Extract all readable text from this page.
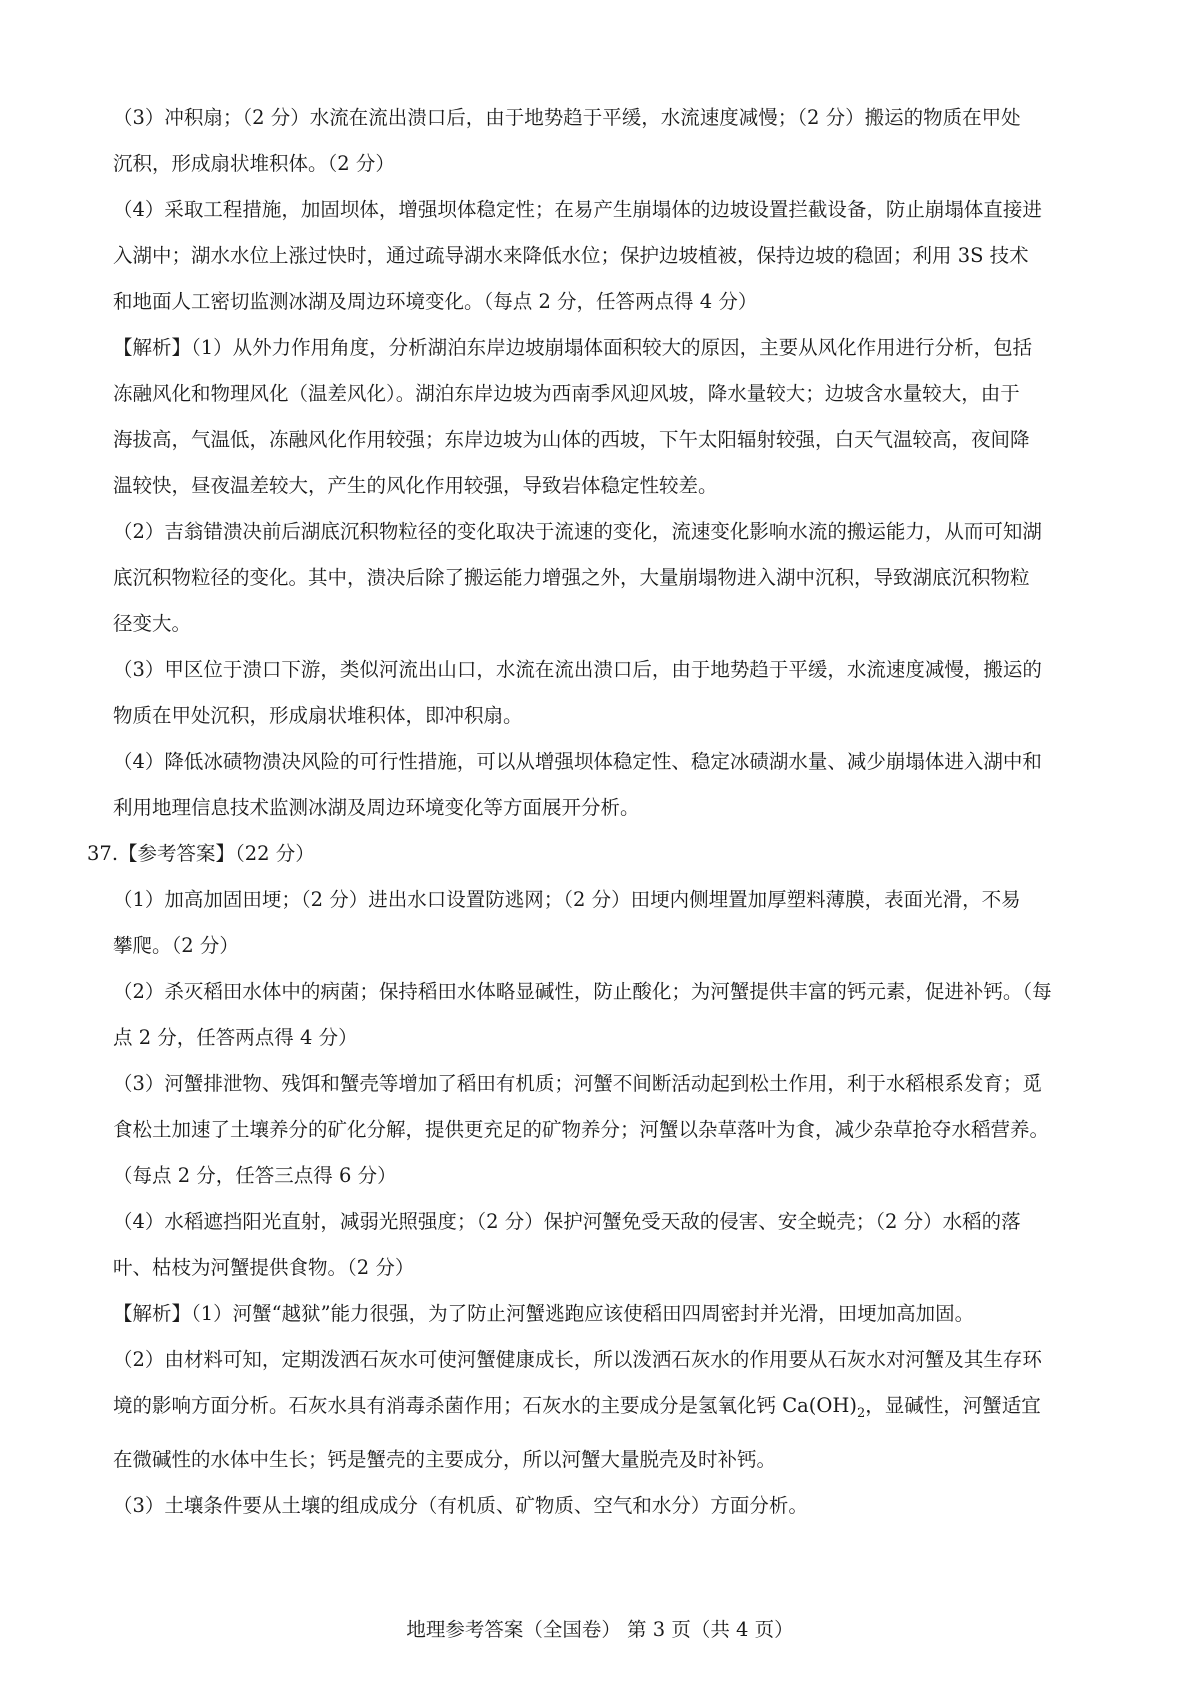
（3）冲积扇；（2 分）水流在流出溃口后，由于地势趋于平缓，水流速度减慢；（2 分）搬运的物质在甲处

沉积，形成扇状堆积体。（2 分）

（4）采取工程措施，加固坝体，增强坝体稳定性；在易产生崩塌体的边坡设置拦截设备，防止崩塌体直接进

入湖中；湖水水位上涨过快时，通过疏导湖水来降低水位；保护边坡植被，保持边坡的稳固；利用 3S 技术

和地面人工密切监测冰湖及周边环境变化。（每点 2 分，任答两点得 4 分）

【解析】（1）从外力作用角度，分析湖泊东岸边坡崩塌体面积较大的原因，主要从风化作用进行分析，包括

冻融风化和物理风化（温差风化）。湖泊东岸边坡为西南季风迎风坡，降水量较大；边坡含水量较大，由于

海拔高，气温低，冻融风化作用较强；东岸边坡为山体的西坡，下午太阳辐射较强，白天气温较高，夜间降

温较快，昼夜温差较大，产生的风化作用较强，导致岩体稳定性较差。

（2）吉翁错溃决前后湖底沉积物粒径的变化取决于流速的变化，流速变化影响水流的搬运能力，从而可知湖

底沉积物粒径的变化。其中，溃决后除了搬运能力增强之外，大量崩塌物进入湖中沉积，导致湖底沉积物粒

径变大。

（3）甲区位于溃口下游，类似河流出山口，水流在流出溃口后，由于地势趋于平缓，水流速度减慢，搬运的

物质在甲处沉积，形成扇状堆积体，即冲积扇。

（4）降低冰碛物溃决风险的可行性措施，可以从增强坝体稳定性、稳定冰碛湖水量、减少崩塌体进入湖中和

利用地理信息技术监测冰湖及周边环境变化等方面展开分析。

37.【参考答案】（22 分）

（1）加高加固田埂；（2 分）进出水口设置防逃网；（2 分）田埂内侧埋置加厚塑料薄膜，表面光滑，不易

攀爬。（2 分）

（2）杀灭稻田水体中的病菌；保持稻田水体略显碱性，防止酸化；为河蟹提供丰富的钙元素，促进补钙。（每

点 2 分，任答两点得 4 分）

（3）河蟹排泄物、残饵和蟹壳等增加了稻田有机质；河蟹不间断活动起到松土作用，利于水稻根系发育；觅

食松土加速了土壤养分的矿化分解，提供更充足的矿物养分；河蟹以杂草落叶为食，减少杂草抢夺水稻营养。

（每点 2 分，任答三点得 6 分）

（4）水稻遮挡阳光直射，减弱光照强度；（2 分）保护河蟹免受天敌的侵害、安全蜕壳；（2 分）水稻的落

叶、枯枝为河蟹提供食物。（2 分）

【解析】（1）河蟹“越狱”能力很强，为了防止河蟹逃跑应该使稻田四周密封并光滑，田埂加高加固。

（2）由材料可知，定期泼洒石灰水可使河蟹健康成长，所以泼洒石灰水的作用要从石灰水对河蟹及其生存环

境的影响方面分析。石灰水具有消毒杀菌作用；石灰水的主要成分是氢氧化钙 $Ca(OH)_2$，显碱性，河蟹适宜

在微碱性的水体中生长；钙是蟹壳的主要成分，所以河蟹大量脱壳及时补钙。

（3）土壤条件要从土壤的组成成分（有机质、矿物质、空气和水分）方面分析。

地理参考答案（全国卷） 第 3 页（共 4 页）
